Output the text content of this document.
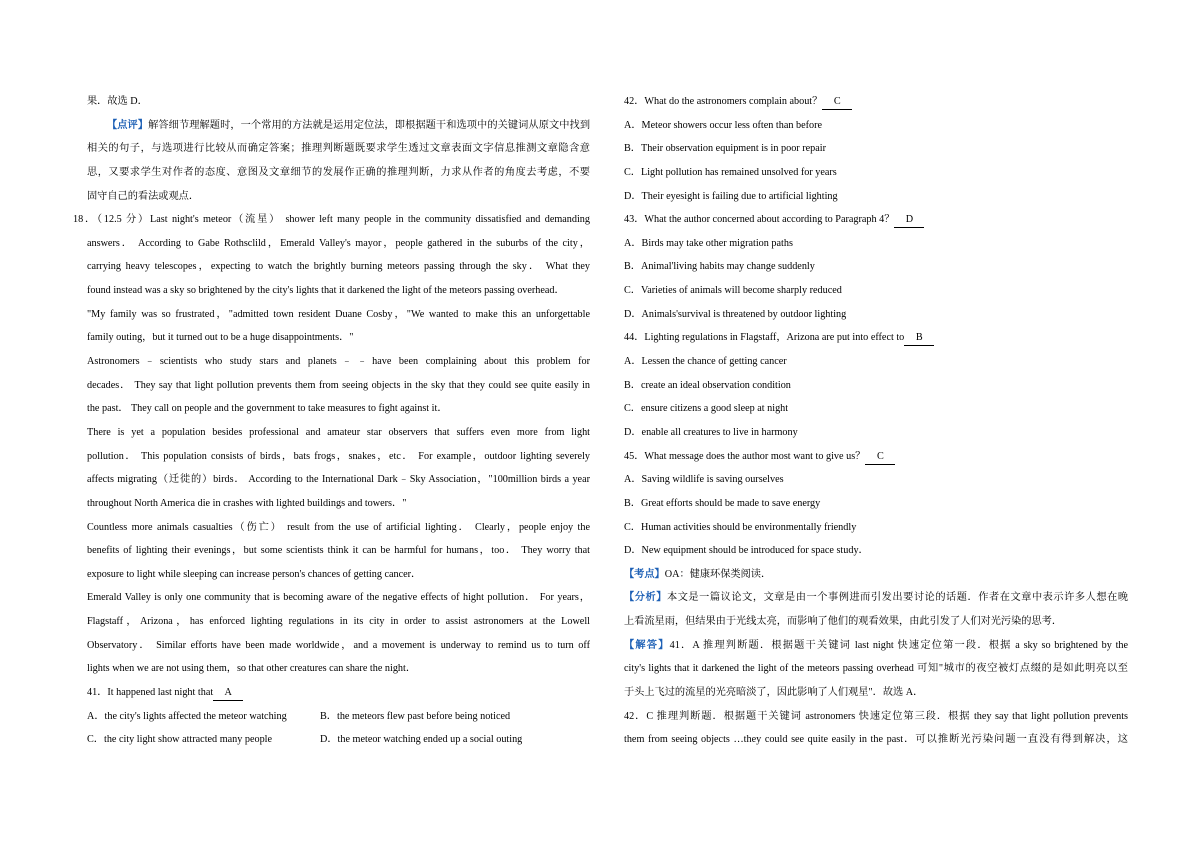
果．故选 D．
【点评】解答细节理解题时，一个常用的方法就是运用定位法，即根据题干和选项中的关键词从原文中找到
相关的句子，与选项进行比较从而确定答案；推理判断题既要求学生透过文章表面文字信息推测文章隐含意
思，又要求学生对作者的态度、意图及文章细节的发展作正确的推理判断，力求从作者的角度去考虑，不要
固守自己的看法或观点．
18．（12.5 分）Last night's meteor（流星） shower left many people in the community dissatisfied and demanding
answers． According to Gabe Rothsclild，Emerald Valley's mayor，people gathered in the suburbs of the city，
carrying heavy telescopes，expecting to watch the brightly burning meteors passing through the sky． What they
found instead was a sky so brightened by the city's lights that it darkened the light of the meteors passing overhead．
"My family was so frustrated，"admitted town resident Duane Cosby，"We wanted to make this an unforgettable
family outing，but it turned out to be a huge disappointments．"
Astronomers﹣scientists who study stars and planets﹣﹣have been complaining about this problem for
decades． They say that light pollution prevents them from seeing objects in the sky that they could see quite easily in
the past． They call on people and the government to take measures to fight against it．
There is yet a population besides professional and amateur star observers that suffers even more from light
pollution． This population consists of birds，bats frogs，snakes，etc． For example，outdoor lighting severely
affects migrating（迁徙的）birds． According to the International Dark﹣Sky Association，"100million birds a year
throughout North America die in crashes with lighted buildings and towers．"
Countless more animals casualties（伤亡） result from the use of artificial lighting． Clearly，people enjoy the
benefits of lighting their evenings，but some scientists think it can be harmful for humans，too． They worry that
exposure to light while sleeping can increase person's chances of getting cancer．
Emerald Valley is only one community that is becoming aware of the negative effects of hight pollution． For years，
Flagstaff，Arizona，has enforced lighting regulations in its city in order to assist astronomers at the Lowell
Observatory． Similar efforts have been made worldwide，and a movement is underway to remind us to turn off
lights when we are not using them，so that other creatures can share the night．
41．It happened last night that A
A．the city's lights affected the meteor watching	B．the meteors flew past before being noticed
C．the city light show attracted many people	D．the meteor watching ended up a social outing
42．What do the astronomers complain about？ C
A．Meteor showers occur less often than before
B．Their observation equipment is in poor repair
C．Light pollution has remained unsolved for years
D．Their eyesight is failing due to artificial lighting
43．What the author concerned about according to Paragraph 4？ D
A．Birds may take other migration paths
B．Animal'living habits may change suddenly
C．Varieties of animals will become sharply reduced
D．Animals'survival is threatened by outdoor lighting
44．Lighting regulations in Flagstaff，Arizona are put into effect to B
A．Lessen the chance of getting cancer
B．create an ideal observation condition
C．ensure citizens a good sleep at night
D．enable all creatures to live in harmony
45．What message does the author most want to give us？ C
A．Saving wildlife is saving ourselves
B．Great efforts should be made to save energy
C．Human activities should be environmentally friendly
D．New equipment should be introduced for space study．
【考点】OA：健康环保类阅读．
【分析】本文是一篇议论文，文章是由一个事例进而引发出要讨论的话题．作者在文章中表示许多人想在晚
上看流星雨，但结果由于光线太亮，而影响了他们的观看效果，由此引发了人们对光污染的思考．
【解答】41．A 推理判断题．根据题干关键词 last night 快速定位第一段．根据 a sky so brightened by the
city's lights that it darkened the light of the meteors passing overhead 可知"城市的夜空被灯点缀的是如此明亮以至
于头上飞过的流星的光亮暗淡了，因此影响了人们观星"．故选 A．
42．C 推理判断题．根据题干关键词 astronomers 快速定位第三段．根据 they say that light pollution prevents
them from seeing objects …they could see quite easily in the past．可以推断光污染问题一直没有得到解决，这
